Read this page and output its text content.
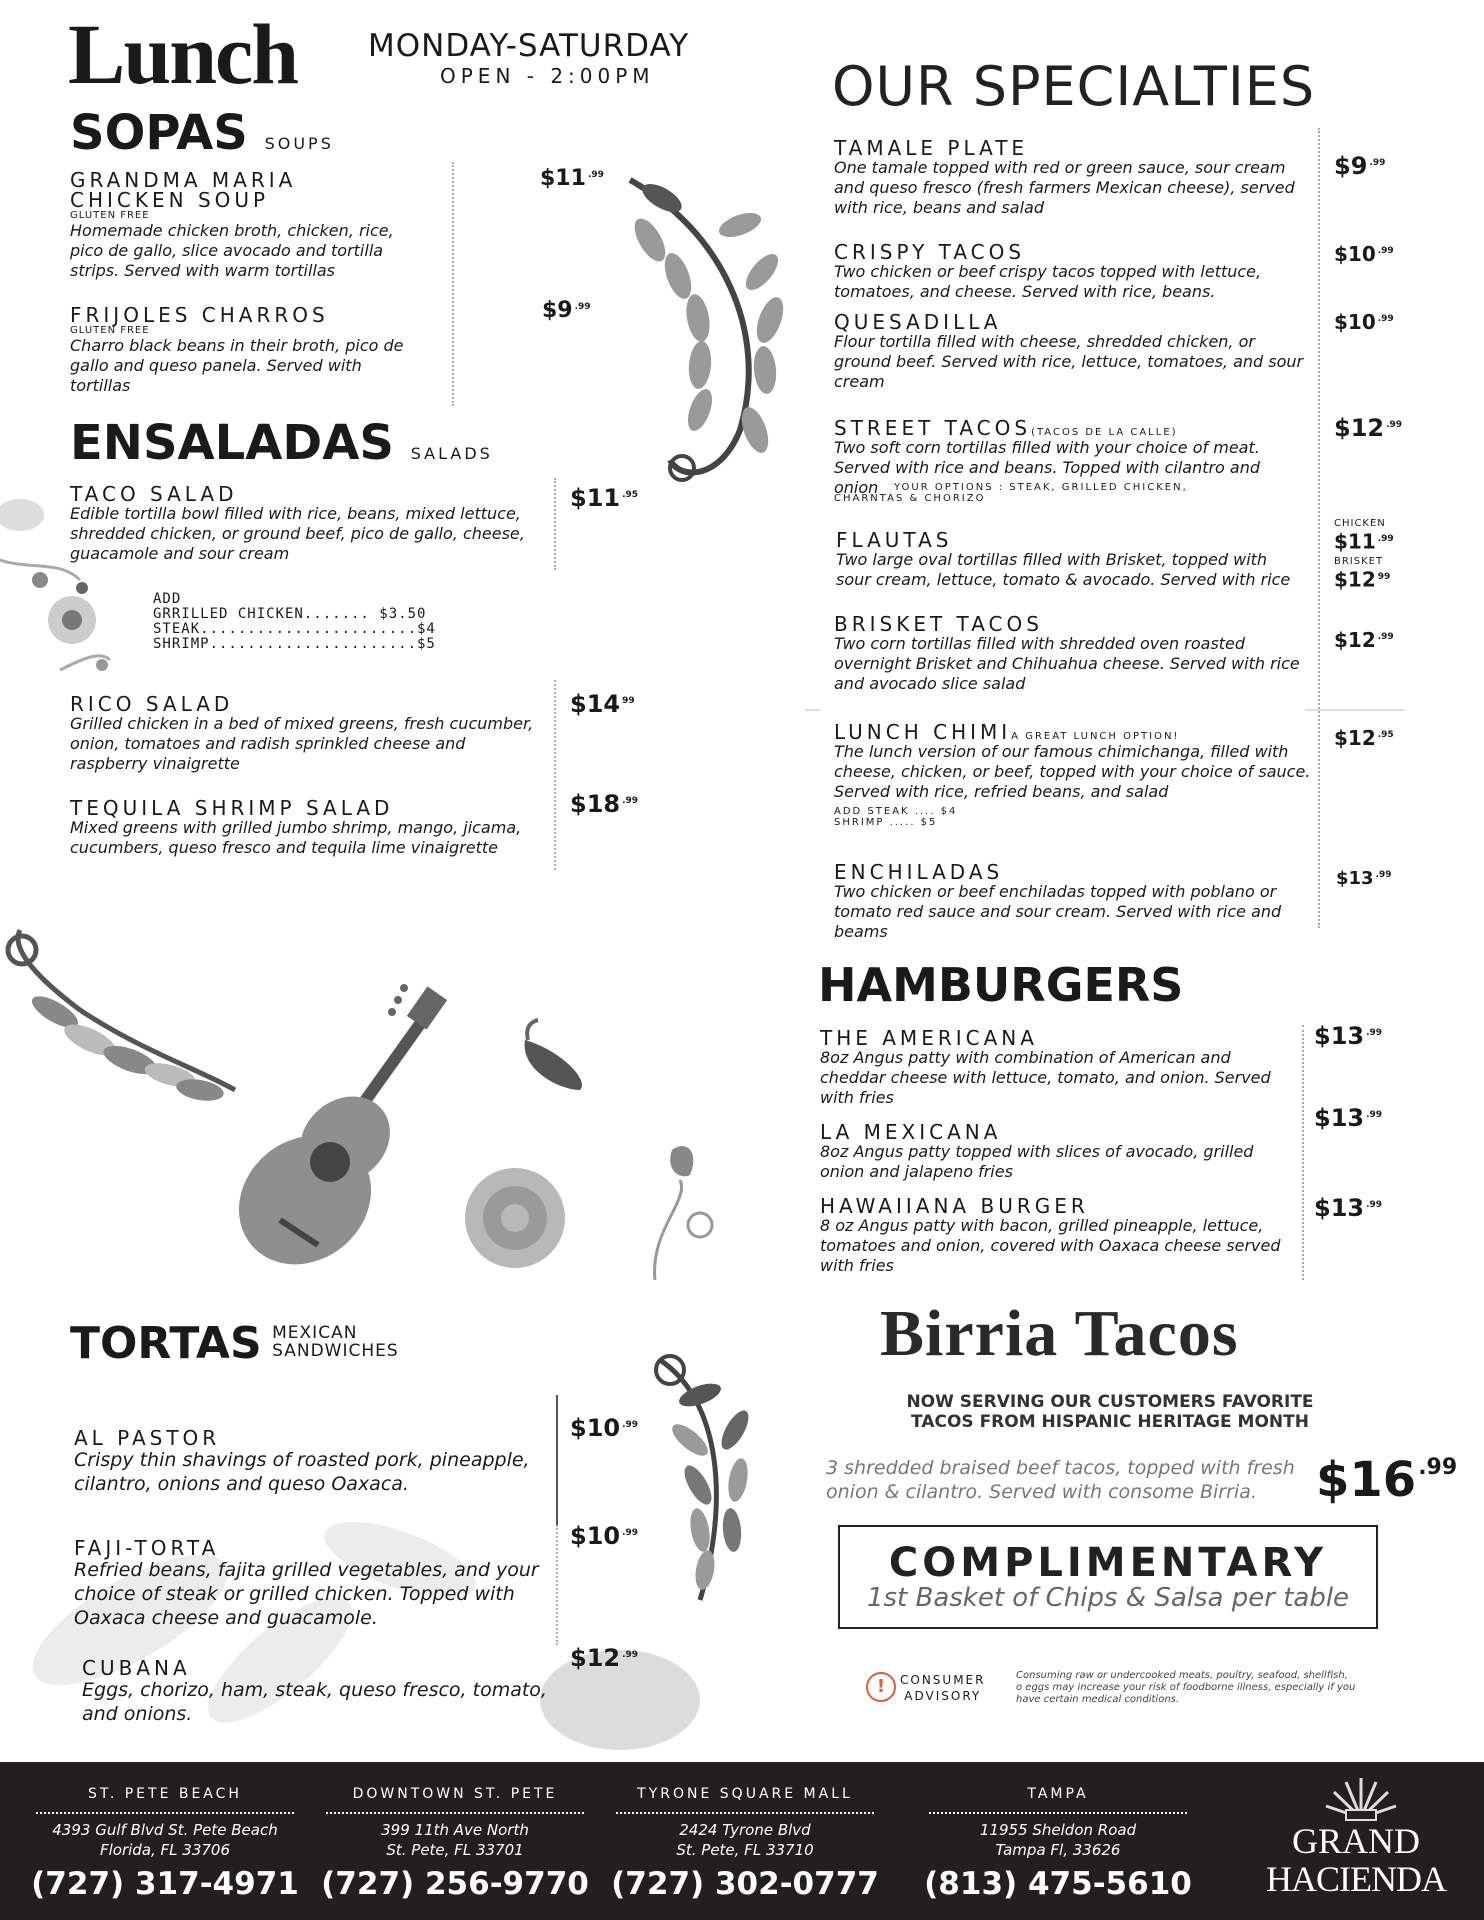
Lunch MONDAY-SATURDAY
OPEN - 2:00PM
SOPAS SOUPS
GRANDMA MARIA CHICKEN SOUP
GLUTEN FREE
Homemade chicken broth, chicken, rice, pico de gallo, slice avocado and tortilla strips. Served with warm tortillas
$11 $^{.99}$
FRIJOLES CHARROS
GLUTEN FREE
Charro black beans in their broth, pico de gallo and queso panela. Served with tortillas
$9 $^{.99}$
ENSALADAS SALADS
TACO SALAD
Edible tortilla bowl filled with rice, beans, mixed lettuce, shredded chicken, or ground beef, pico de gallo, cheese, guacamole and sour cream
$11 $^{.95}$
ADD
GRRILLED CHICKEN....... $3.50
STEAK.......................$4
SHRIMP......................$5
RICO SALAD
Grilled chicken in a bed of mixed greens, fresh cucumber, onion, tomatoes and radish sprinkled cheese and raspberry vinaigrette
$14 $^{99}$
TEQUILA SHRIMP SALAD
Mixed greens with grilled jumbo shrimp, mango, jicama, cucumbers, queso fresco and tequila lime vinaigrette
$18 $^{.99}$
OUR SPECIALTIES
TAMALE PLATE
One tamale topped with red or green sauce, sour cream and queso fresco (fresh farmers Mexican cheese), served with rice, beans and salad
$9 $^{.99}$
CRISPY TACOS
Two chicken or beef crispy tacos topped with lettuce, tomatoes, and cheese. Served with rice, beans.
$10 $^{.99}$
QUESADILLA
Flour tortilla filled with cheese, shredded chicken, or ground beef. Served with rice, lettuce, tomatoes, and sour cream
$10 $^{.99}$
STREET TACOS(TACOS DE LA CALLE)
Two soft corn tortillas filled with your choice of meat. Served with rice and beans. Topped with cilantro and
onion	YOUR OPTIONS : STEAK, GRILLED CHICKEN, CHARNTAS & CHORIZO
$12 $^{.99}$
FLAUTAS
Two large oval tortillas filled with Brisket, topped with sour cream, lettuce, tomato & avocado. Served with rice
CHICKEN
$11 $^{.99}$
BRISKET
$12 $^{99}$
BRISKET TACOS
Two corn tortillas filled with shredded oven roasted overnight Brisket and Chihuahua cheese. Served with rice and avocado slice salad
$12 $^{.99}$
LUNCH CHIMIA GREAT LUNCH OPTION!
The lunch version of our famous chimichanga, filled with cheese, chicken, or beef, topped with your choice of sauce. Served with rice, refried beans, and salad
ADD STEAK .... $4
SHRIMP ..... $5
$12 $^{.95}$
ENCHILADAS
Two chicken or beef enchiladas topped with poblano or tomato red sauce and sour cream. Served with rice and beams
$13 $^{.99}$
HAMBURGERS
THE AMERICANA
8oz Angus patty with combination of American and cheddar cheese with lettuce, tomato, and onion. Served with fries
$13 $^{.99}$
LA MEXICANA
8oz Angus patty topped with slices of avocado, grilled onion and jalapeno fries
$13 $^{.99}$
HAWAIIANA BURGER
8 oz Angus patty with bacon, grilled pineapple, lettuce, tomatoes and onion, covered with Oaxaca cheese served with fries
$13 $^{.99}$
Birria Tacos
NOW SERVING OUR CUSTOMERS FAVORITE
TACOS FROM HISPANIC HERITAGE MONTH
3 shredded braised beef tacos, topped with fresh onion & cilantro. Served with consome Birria.	$\$16^{.99}$
COMPLIMENTARY
1st Basket of Chips & Salsa per table
!	CONSUMER
ADVISORY
Consuming raw or undercooked meats, poultry, seafood, shellfish, o eggs may increase your risk of foodborne illness, especially if you have certain medical conditions.
TORTAS MEXICAN
SANDWICHES
AL PASTOR
Crispy thin shavings of roasted pork, pineapple, cilantro, onions and queso Oaxaca.
$10 $^{.99}$
FAJI-TORTA
Refried beans, fajita grilled vegetables, and your choice of steak or grilled chicken. Topped with Oaxaca cheese and guacamole.
$10 $^{.99}$
CUBANA
Eggs, chorizo, ham, steak, queso fresco, tomato, and onions.
$12 $^{.99}$
ST. PETE BEACH
4393 Gulf Blvd St. Pete Beach
Florida, FL 33706
(727) 317-4971
DOWNTOWN ST. PETE
399 11th Ave North
St. Pete, FL 33701
(727) 256-9770
TYRONE SQUARE MALL
2424 Tyrone Blvd
St. Pete, FL 33710
(727) 302-0777
TAMPA
11955 Sheldon Road
Tampa Fl, 33626
(813) 475-5610
GRAND
HACIENDA
